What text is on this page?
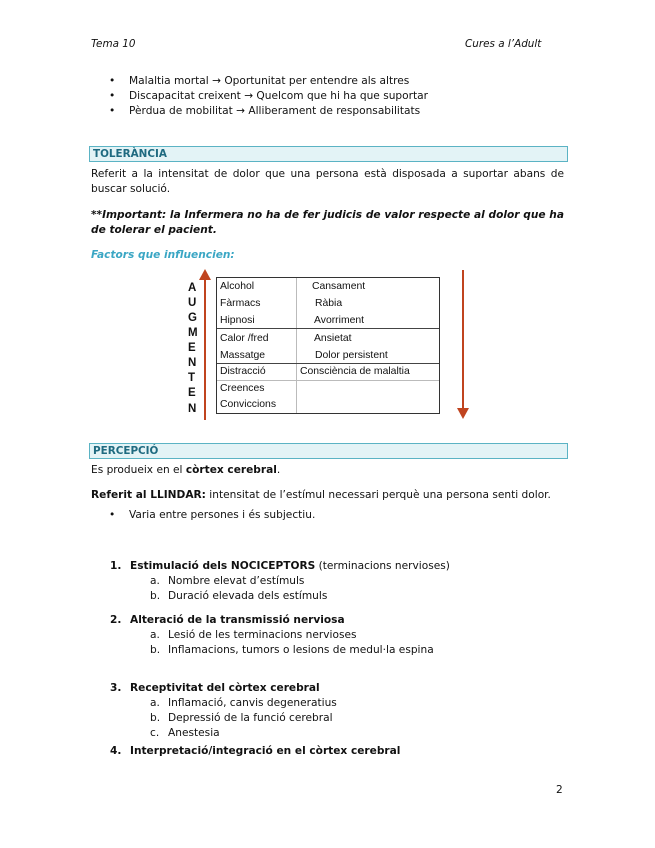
Tema 10	Cures a l’Adult
• Malaltia mortal → Oportunitat per entendre als altres
• Discapacitat creixent → Quelcom que hi ha que suportar
• Pèrdua de mobilitat → Alliberament de responsabilitats
TOLERÀNCIA
Referit a la intensitat de dolor que una persona està disposada a suportar abans de buscar solució.
**Important: la Infermera no ha de fer judicis de valor respecte al dolor que ha de tolerar el pacient.
Factors que influencien:
A
U
G
M
E
N
T
E
N
Alcohol	Cansament
Fàrmacs	Ràbia
Hipnosi	Avorriment
Calor /fred	Ansietat
Massatge	Dolor persistent
Distracció	Consciència de malaltia
Creences
Conviccions
PERCEPCIÓ
Es produeix en el còrtex cerebral.
Referit al LLINDAR: intensitat de l’estímul necessari perquè una persona senti dolor.
• Varia entre persones i és subjectiu.
1. Estimulació dels NOCICEPTORS (terminacions nervioses)
a. Nombre elevat d’estímuls
b. Duració elevada dels estímuls
2. Alteració de la transmissió nerviosa
a. Lesió de les terminacions nervioses
b. Inflamacions, tumors o lesions de medul·la espina
3. Receptivitat del còrtex cerebral
a. Inflamació, canvis degeneratius
b. Depressió de la funció cerebral
c. Anestesia
4. Interpretació/integració en el còrtex cerebral
2
